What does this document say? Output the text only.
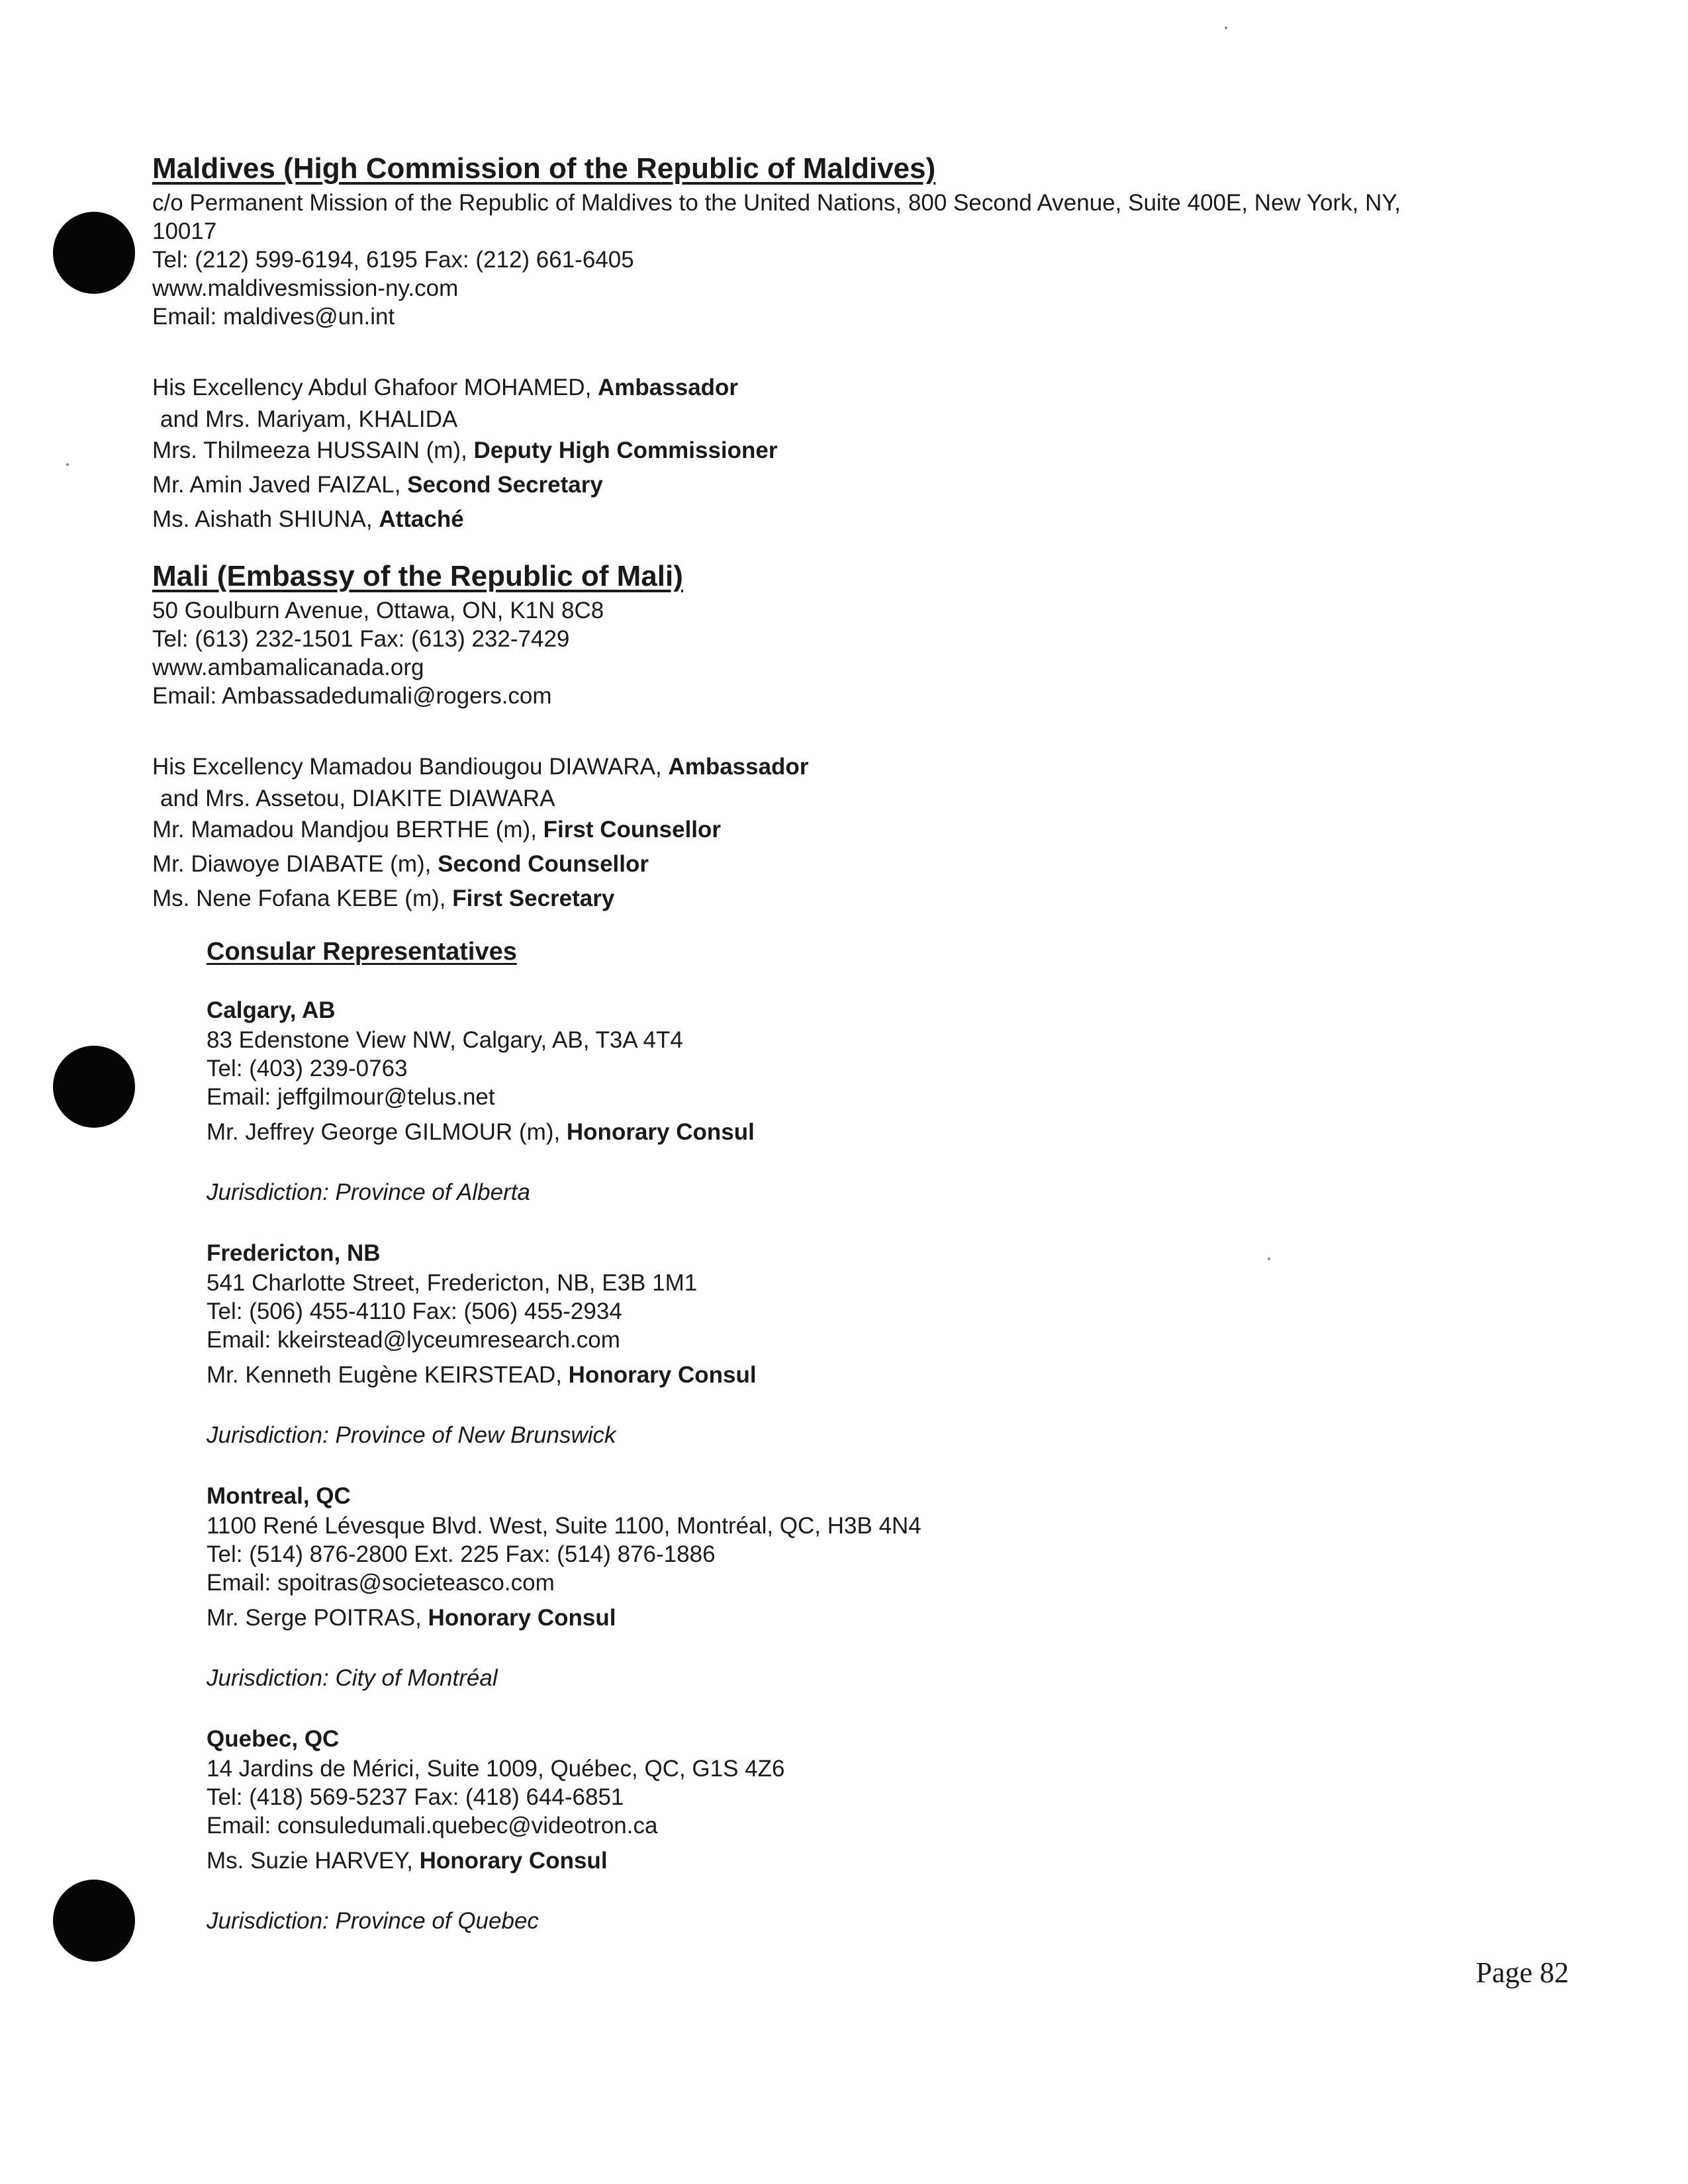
Maldives (High Commission of the Republic of Maldives)

c/o Permanent Mission of the Republic of Maldives to the United Nations, 800 Second Avenue, Suite 400E, New York, NY,

10017

Tel: (212) 599-6194, 6195 Fax: (212) 661-6405

www.maldivesmission-ny.com

Email: maldives@un.int

His Excellency Abdul Ghafoor MOHAMED, Ambassador
and Mrs. Mariyam, KHALIDA

Mrs. Thilmeeza HUSSAIN (m), Deputy High Commissioner

Mr. Amin Javed FAIZAL, Second Secretary

Ms. Aishath SHIUNA, Attaché

Mali (Embassy of the Republic of Mali)

50 Goulburn Avenue, Ottawa, ON, K1N 8C8

Tel: (613) 232-1501 Fax: (613) 232-7429

www.ambamalicanada.org

Email: Ambassadedumali@rogers.com

His Excellency Mamadou Bandiougou DIAWARA, Ambassador
and Mrs. Assetou, DIAKITE DIAWARA

Mr. Mamadou Mandjou BERTHE (m), First Counsellor

Mr. Diawoye DIABATE (m), Second Counsellor

Ms. Nene Fofana KEBE (m), First Secretary

Consular Representatives

Calgary, AB

83 Edenstone View NW, Calgary, AB, T3A 4T4

Tel: (403) 239-0763

Email: jeffgilmour@telus.net

Mr. Jeffrey George GILMOUR (m), Honorary Consul

Jurisdiction: Province of Alberta

Fredericton, NB

541 Charlotte Street, Fredericton, NB, E3B 1M1

Tel: (506) 455-4110 Fax: (506) 455-2934

Email: kkeirstead@lyceumresearch.com

Mr. Kenneth Eugène KEIRSTEAD, Honorary Consul

Jurisdiction: Province of New Brunswick

Montreal, QC

1100 René Lévesque Blvd. West, Suite 1100, Montréal, QC, H3B 4N4

Tel: (514) 876-2800 Ext. 225 Fax: (514) 876-1886

Email: spoitras@societeasco.com

Mr. Serge POITRAS, Honorary Consul

Jurisdiction: City of Montréal

Quebec, QC

14 Jardins de Mérici, Suite 1009, Québec, QC, G1S 4Z6

Tel: (418) 569-5237 Fax: (418) 644-6851

Email: consuledumali.quebec@videotron.ca

Ms. Suzie HARVEY, Honorary Consul

Jurisdiction: Province of Quebec

Page 82
